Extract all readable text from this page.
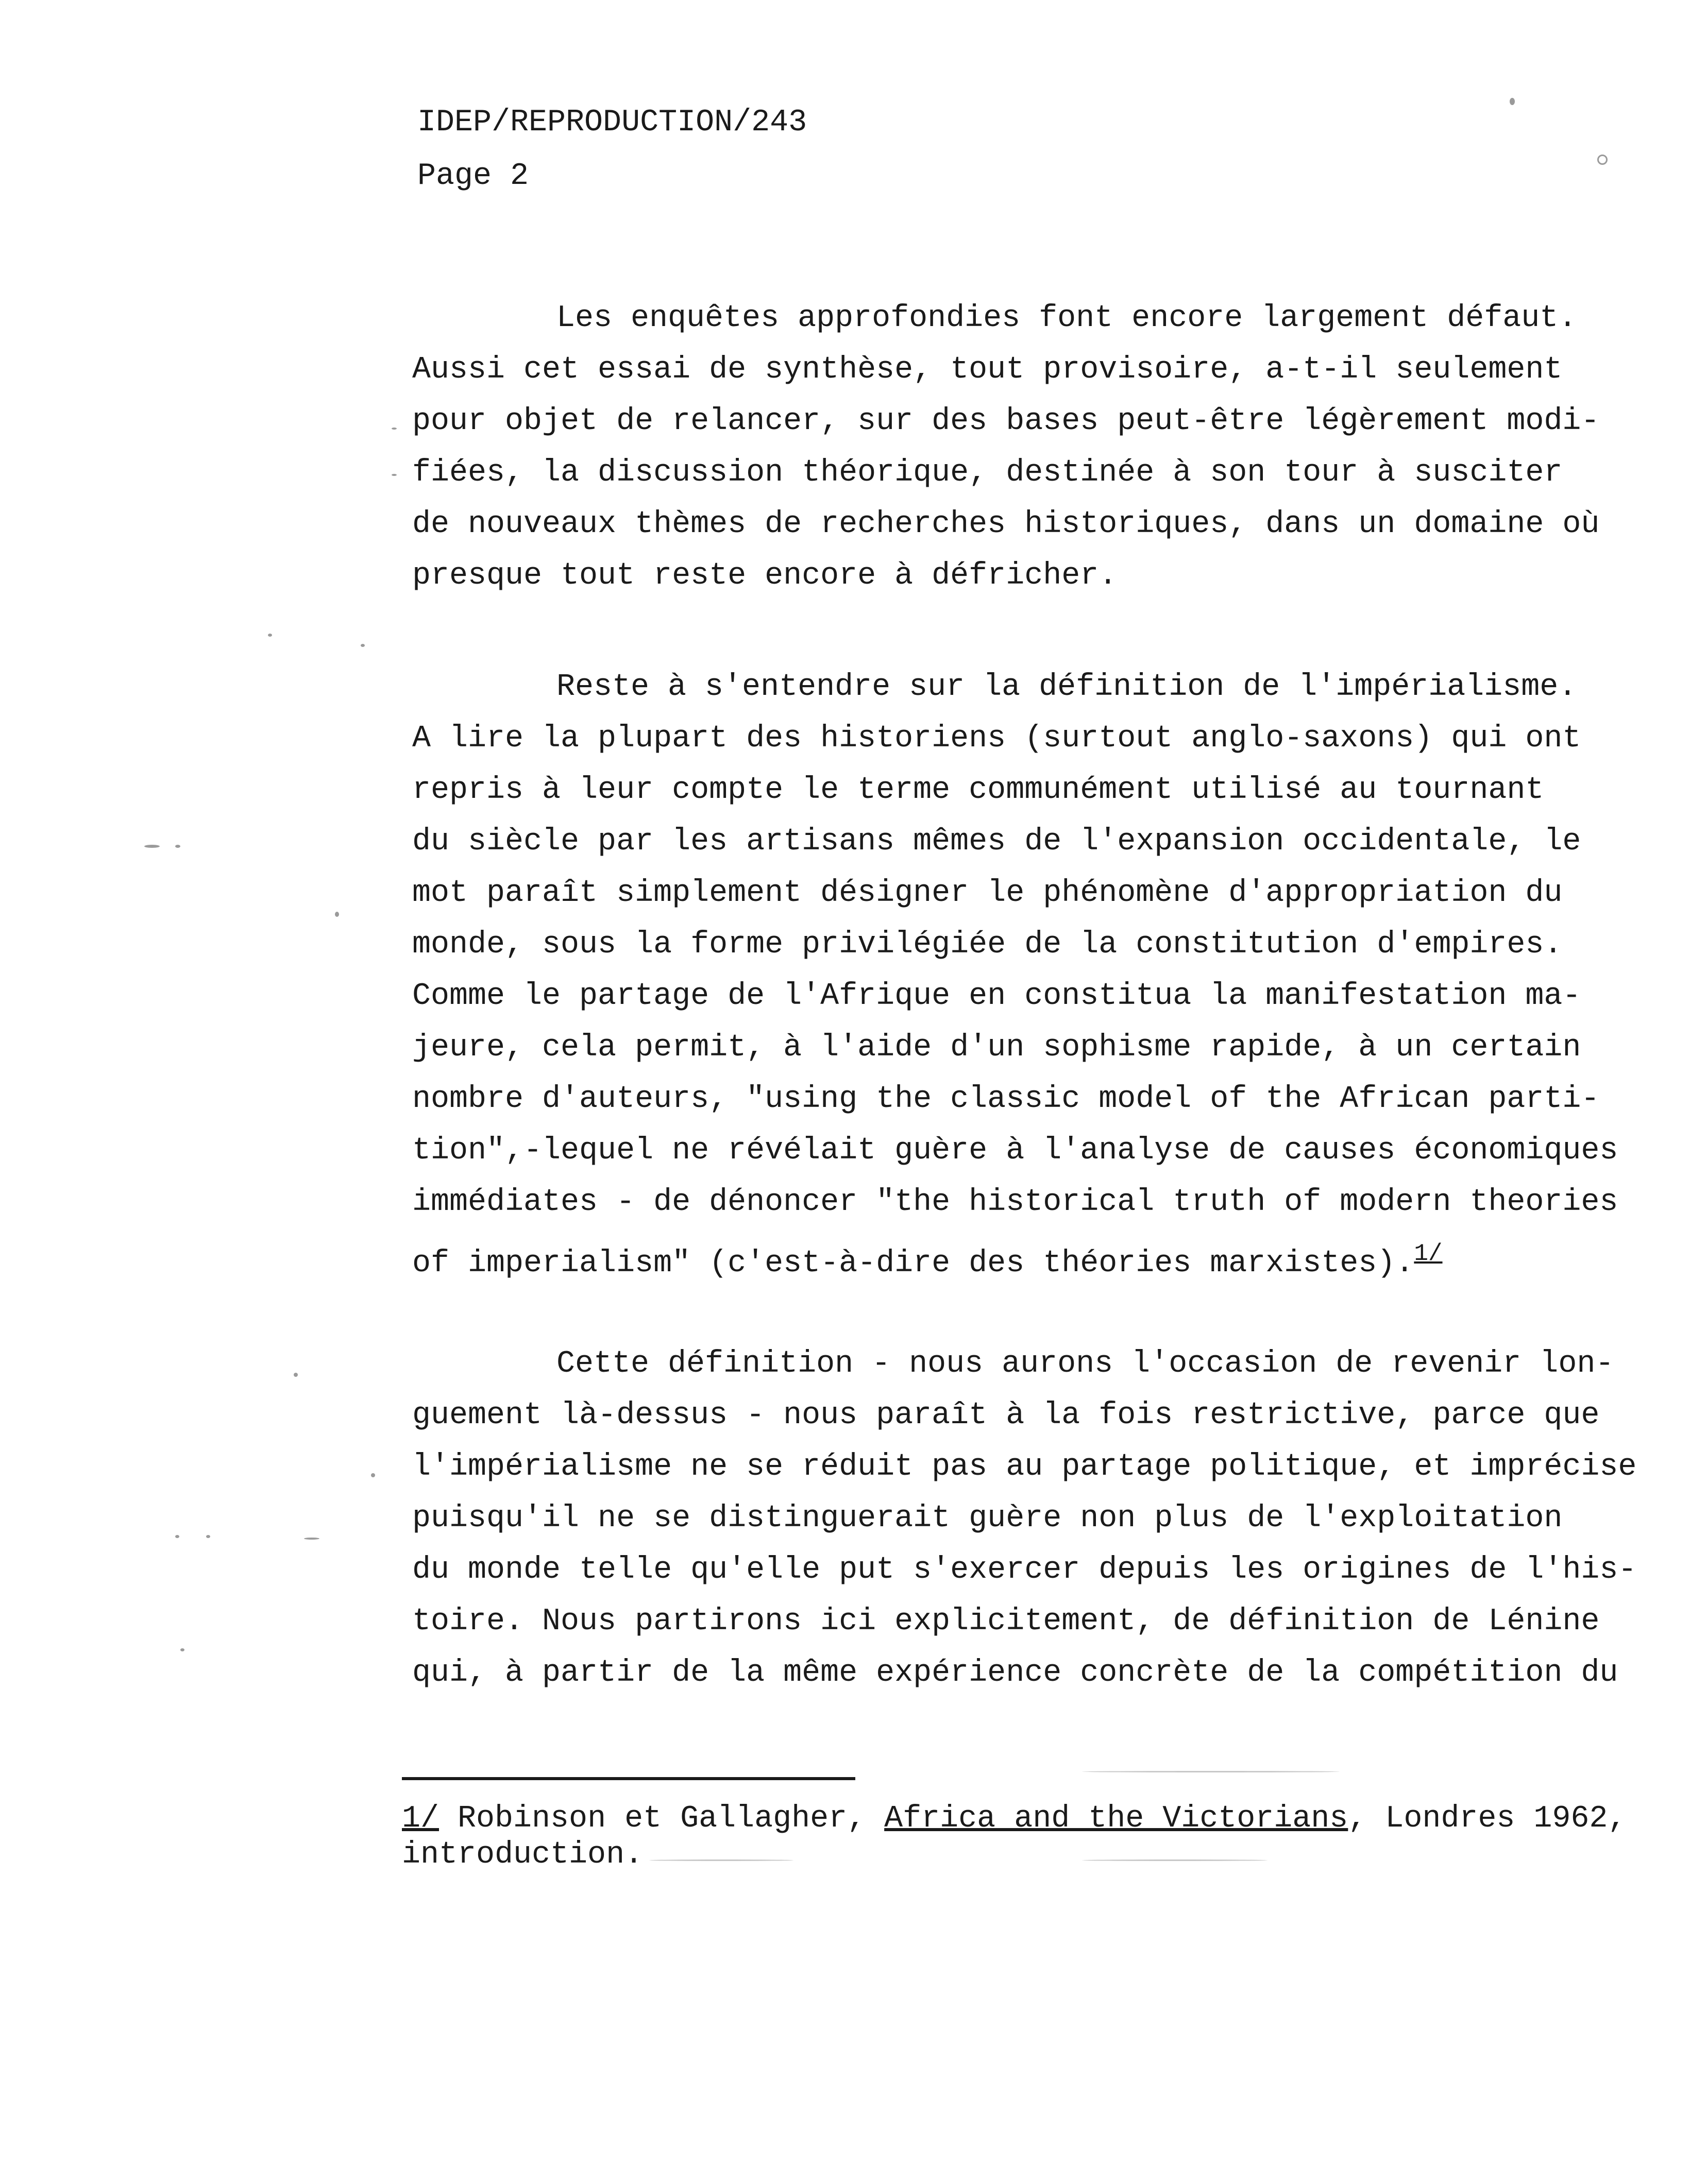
IDEP/REPRODUCTION/243
Page 2
Les enquêtes approfondies font encore largement défaut.
Aussi cet essai de synthèse, tout provisoire, a-t-il seulement
pour objet de relancer, sur des bases peut-être légèrement modi-
fiées, la discussion théorique, destinée à son tour à susciter
de nouveaux thèmes de recherches historiques, dans un domaine où
presque tout reste encore à défricher.
Reste à s'entendre sur la définition de l'impérialisme.
A lire la plupart des historiens (surtout anglo-saxons) qui ont
repris à leur compte le terme communément utilisé au tournant
du siècle par les artisans mêmes de l'expansion occidentale, le
mot paraît simplement désigner le phénomène d'appropriation du
monde, sous la forme privilégiée de la constitution d'empires.
Comme le partage de l'Afrique en constitua la manifestation ma-
jeure, cela permit, à l'aide d'un sophisme rapide, à un certain
nombre d'auteurs, "using the classic model of the African parti-
tion",-lequel ne révélait guère à l'analyse de causes économiques
immédiates - de dénoncer "the historical truth of modern theories
of imperialism" (c'est-à-dire des théories marxistes).$^{1/}$
Cette définition - nous aurons l'occasion de revenir lon-
guement là-dessus - nous paraît à la fois restrictive, parce que
l'impérialisme ne se réduit pas au partage politique, et imprécise
puisqu'il ne se distinguerait guère non plus de l'exploitation
du monde telle qu'elle put s'exercer depuis les origines de l'his-
toire. Nous partirons ici explicitement, de définition de Lénine
qui, à partir de la même expérience concrète de la compétition du
1/ Robinson et Gallagher, Africa and the Victorians, Londres 1962,
introduction.
